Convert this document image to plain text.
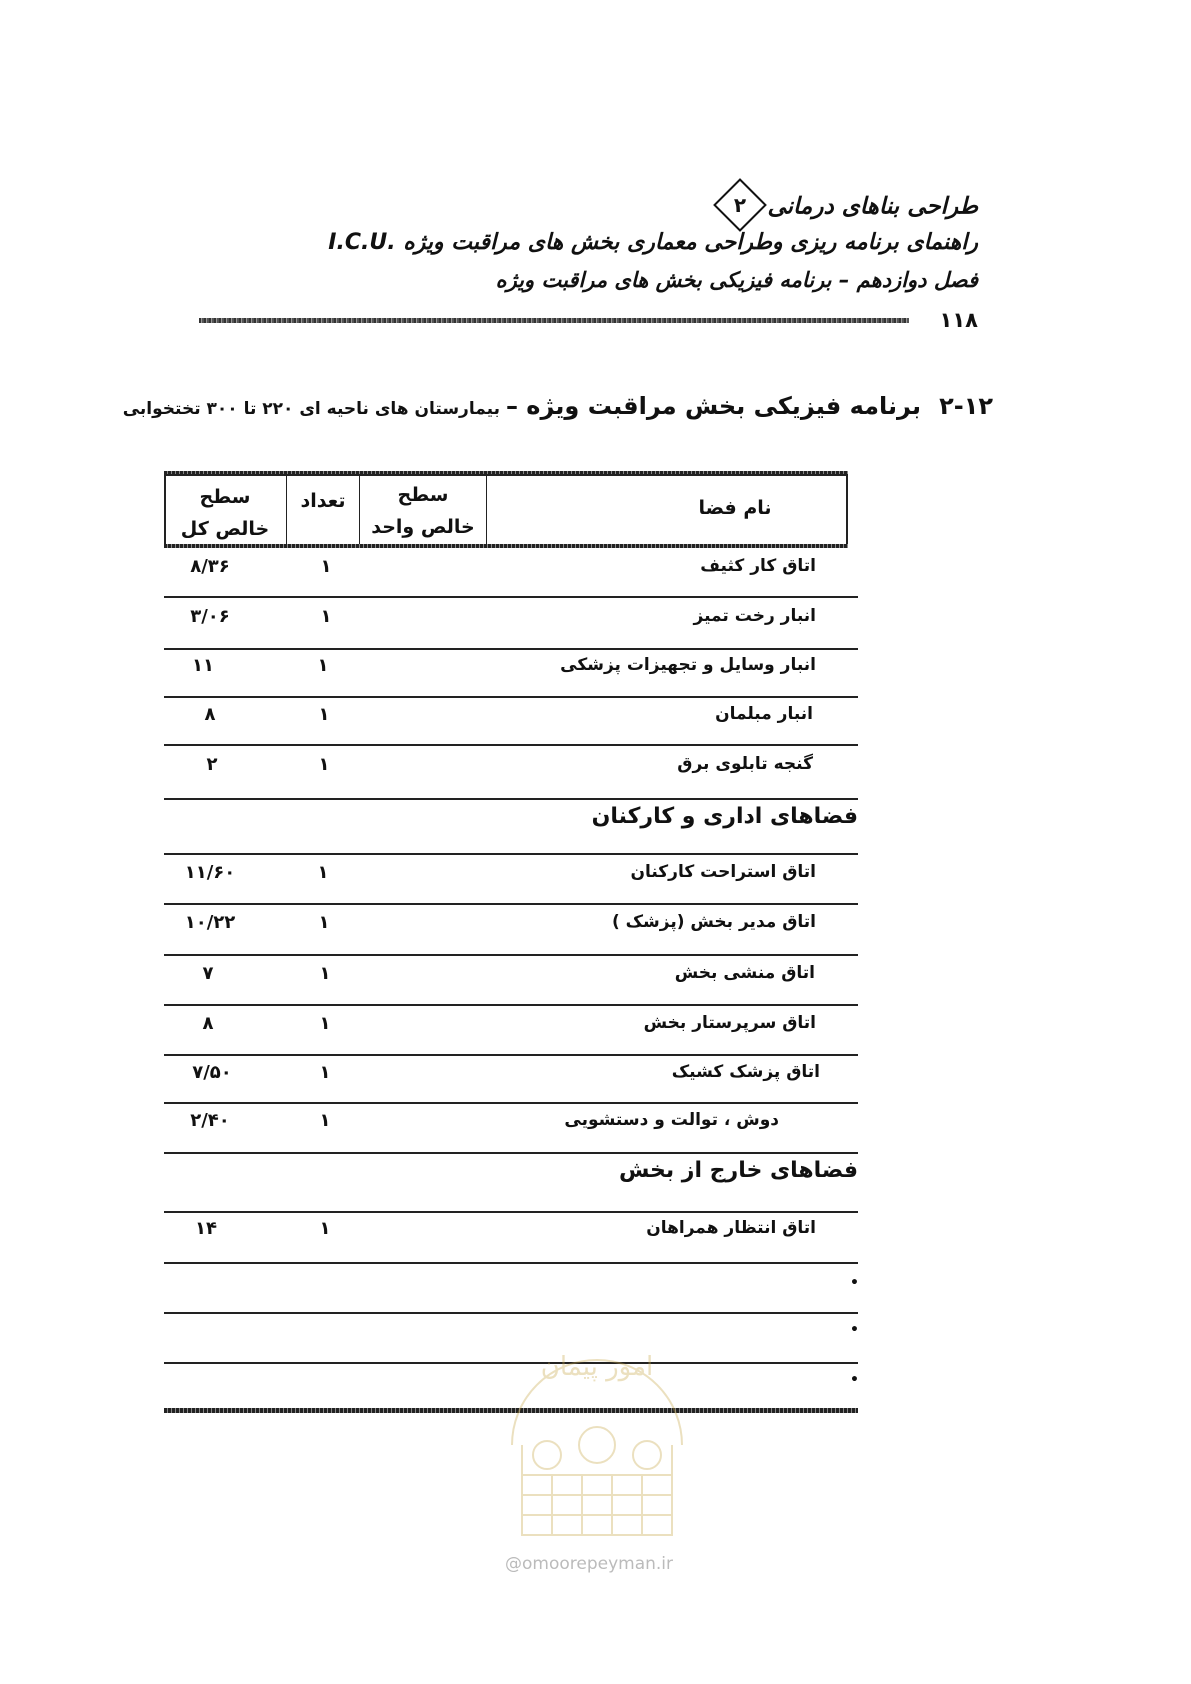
طراحی بناهای درمانی
۲
راهنمای برنامه ریزی وطراحی معماری بخش های مراقبت ویژه .I.C.U
فصل دوازدهم – برنامه فیزیکی بخش های مراقبت ویژه
۱۱۸
۲-۱۲
برنامه فیزیکی بخش مراقبت ویژه –بیمارستان های ناحیه ای ۲۲۰ تا ۳۰۰ تختخوابی
نام فضا
سطح
خالص واحد
تعداد
سطح
خالص کل
اتاق کار کثیف
۱
۸/۳۶
انبار رخت تمیز
۱
۳/۰۶
انبار وسایل و تجهیزات پزشکی
۱
۱۱
انبار مبلمان
۱
۸
گنجه تابلوی برق
۱
۲
فضاهای اداری و کارکنان
اتاق استراحت کارکنان
۱
۱۱/۶۰
اتاق مدیر بخش (پزشک )
۱
۱۰/۲۲
اتاق منشی بخش
۱
۷
اتاق سرپرستار بخش
۱
۸
اتاق پزشک کشیک
۱
۷/۵۰
دوش ، توالت و دستشویی
۱
۲/۴۰
فضاهای خارج از بخش
اتاق انتظار همراهان
۱
۱۴
•
•
•
امور پیمان
@omoorepeyman.ir
